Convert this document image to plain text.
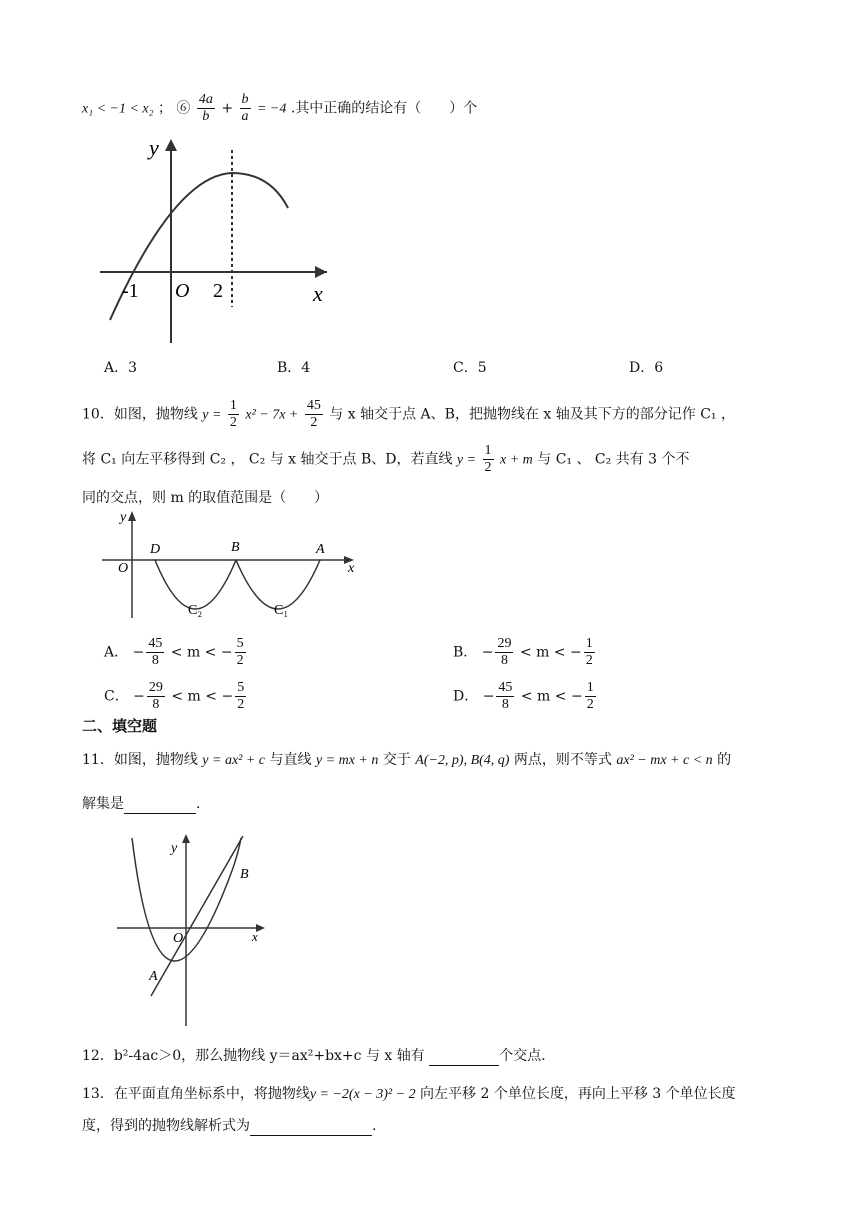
x₁ < −1 < x₂ ； ⑥ $\frac{4a}{b} + \frac{b}{a} = -4$ .其中正确的结论有（　　）个
y
x
O
-1	2
A．3	B．4	C．5	D．6
10．如图，抛物线 $y = \frac{1}{2} x^2 - 7x + \frac{45}{2}$ 与 x 轴交于点 A、B，把抛物线在 x 轴及其下方的部分记作 C₁ ，
将 C₁ 向左平移得到 C₂ ， C₂ 与 x 轴交于点 B、D，若直线 $y = \frac{1}{2}$ x + m 与 C₁ 、 C₂ 共有 3 个不
同的交点，则 m 的取值范围是（　　）
y
x
O
D	B	A
C₂	C₁
A． − $\frac{45}{8} < m$ < − $\frac{5}{2}$	B． − $\frac{29}{8} < m$ < − $\frac{1}{2}$
C． − $\frac{29}{8} < m$ < − $\frac{5}{2}$	D． − $\frac{45}{8} < m$ < − $\frac{1}{2}$
二、填空题
11．如图，抛物线 y = ax² + c 与直线 y = mx + n 交于 A(−2, p), B(4, q) 两点，则不等式 ax² − mx + c < n 的
解集是	.
y
x
O
A
B
12．b²-4ac＞0，那么抛物线 y＝ax²+bx+c 与 x 轴有	个交点.
13．在平面直角坐标系中，将抛物线y = −2(x − 3)² − 2 向左平移 2 个单位长度，再向上平移 3 个单位长度
度，得到的抛物线解析式为	.
